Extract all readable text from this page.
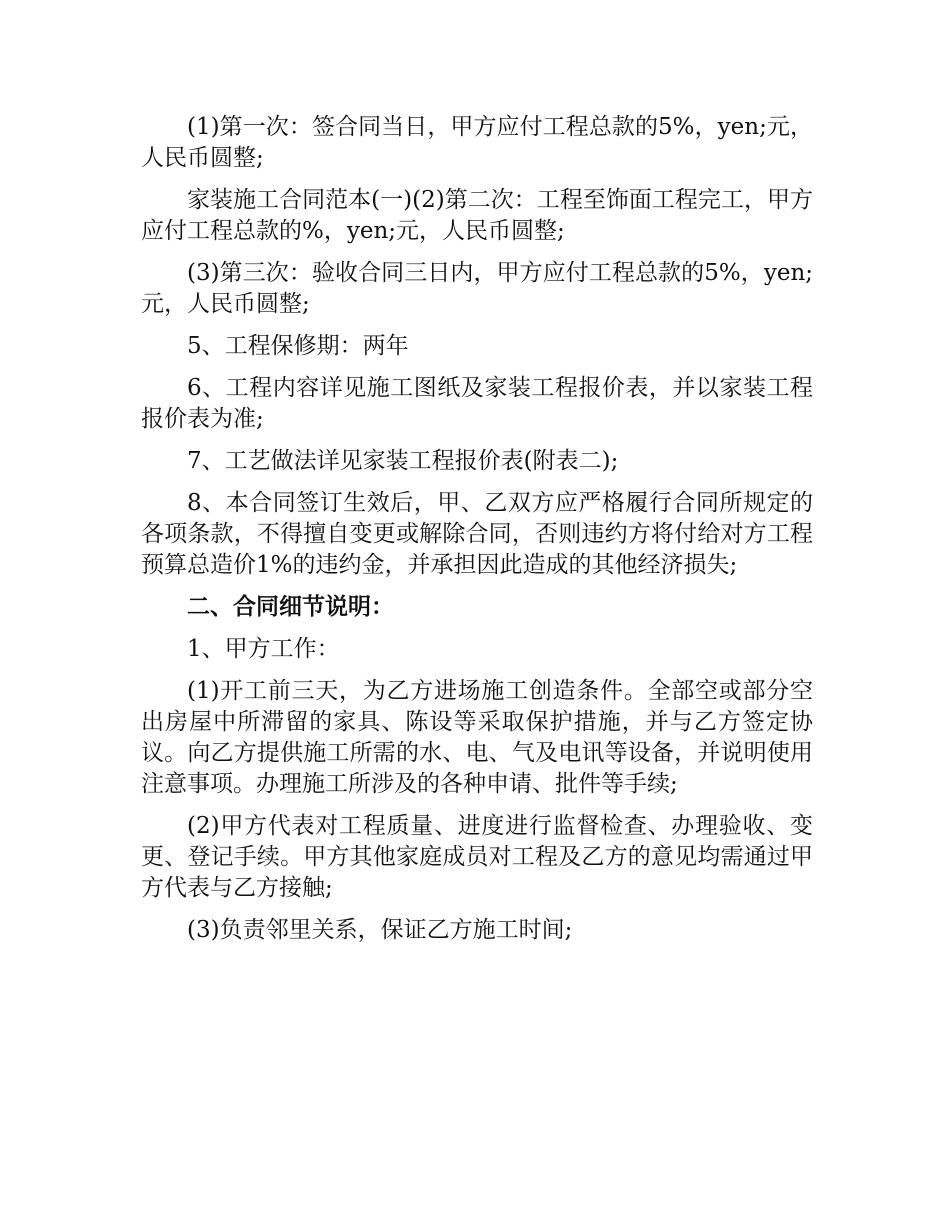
(1)第一次：签合同当日，甲方应付工程总款的5%，yen;元，人民币圆整;

家装施工合同范本(一)(2)第二次：工程至饰面工程完工，甲方应付工程总款的%，yen;元，人民币圆整;

(3)第三次：验收合同三日内，甲方应付工程总款的5%，yen;元，人民币圆整;

5、工程保修期：两年

6、工程内容详见施工图纸及家装工程报价表，并以家装工程报价表为准;

7、工艺做法详见家装工程报价表(附表二);

8、本合同签订生效后，甲、乙双方应严格履行合同所规定的各项条款，不得擅自变更或解除合同，否则违约方将付给对方工程预算总造价1%的违约金，并承担因此造成的其他经济损失;

二、合同细节说明：

1、甲方工作：

(1)开工前三天，为乙方进场施工创造条件。全部空或部分空出房屋中所滞留的家具、陈设等采取保护措施，并与乙方签定协议。向乙方提供施工所需的水、电、气及电讯等设备，并说明使用注意事项。办理施工所涉及的各种申请、批件等手续;

(2)甲方代表对工程质量、进度进行监督检查、办理验收、变更、登记手续。甲方其他家庭成员对工程及乙方的意见均需通过甲方代表与乙方接触;

(3)负责邻里关系，保证乙方施工时间;
